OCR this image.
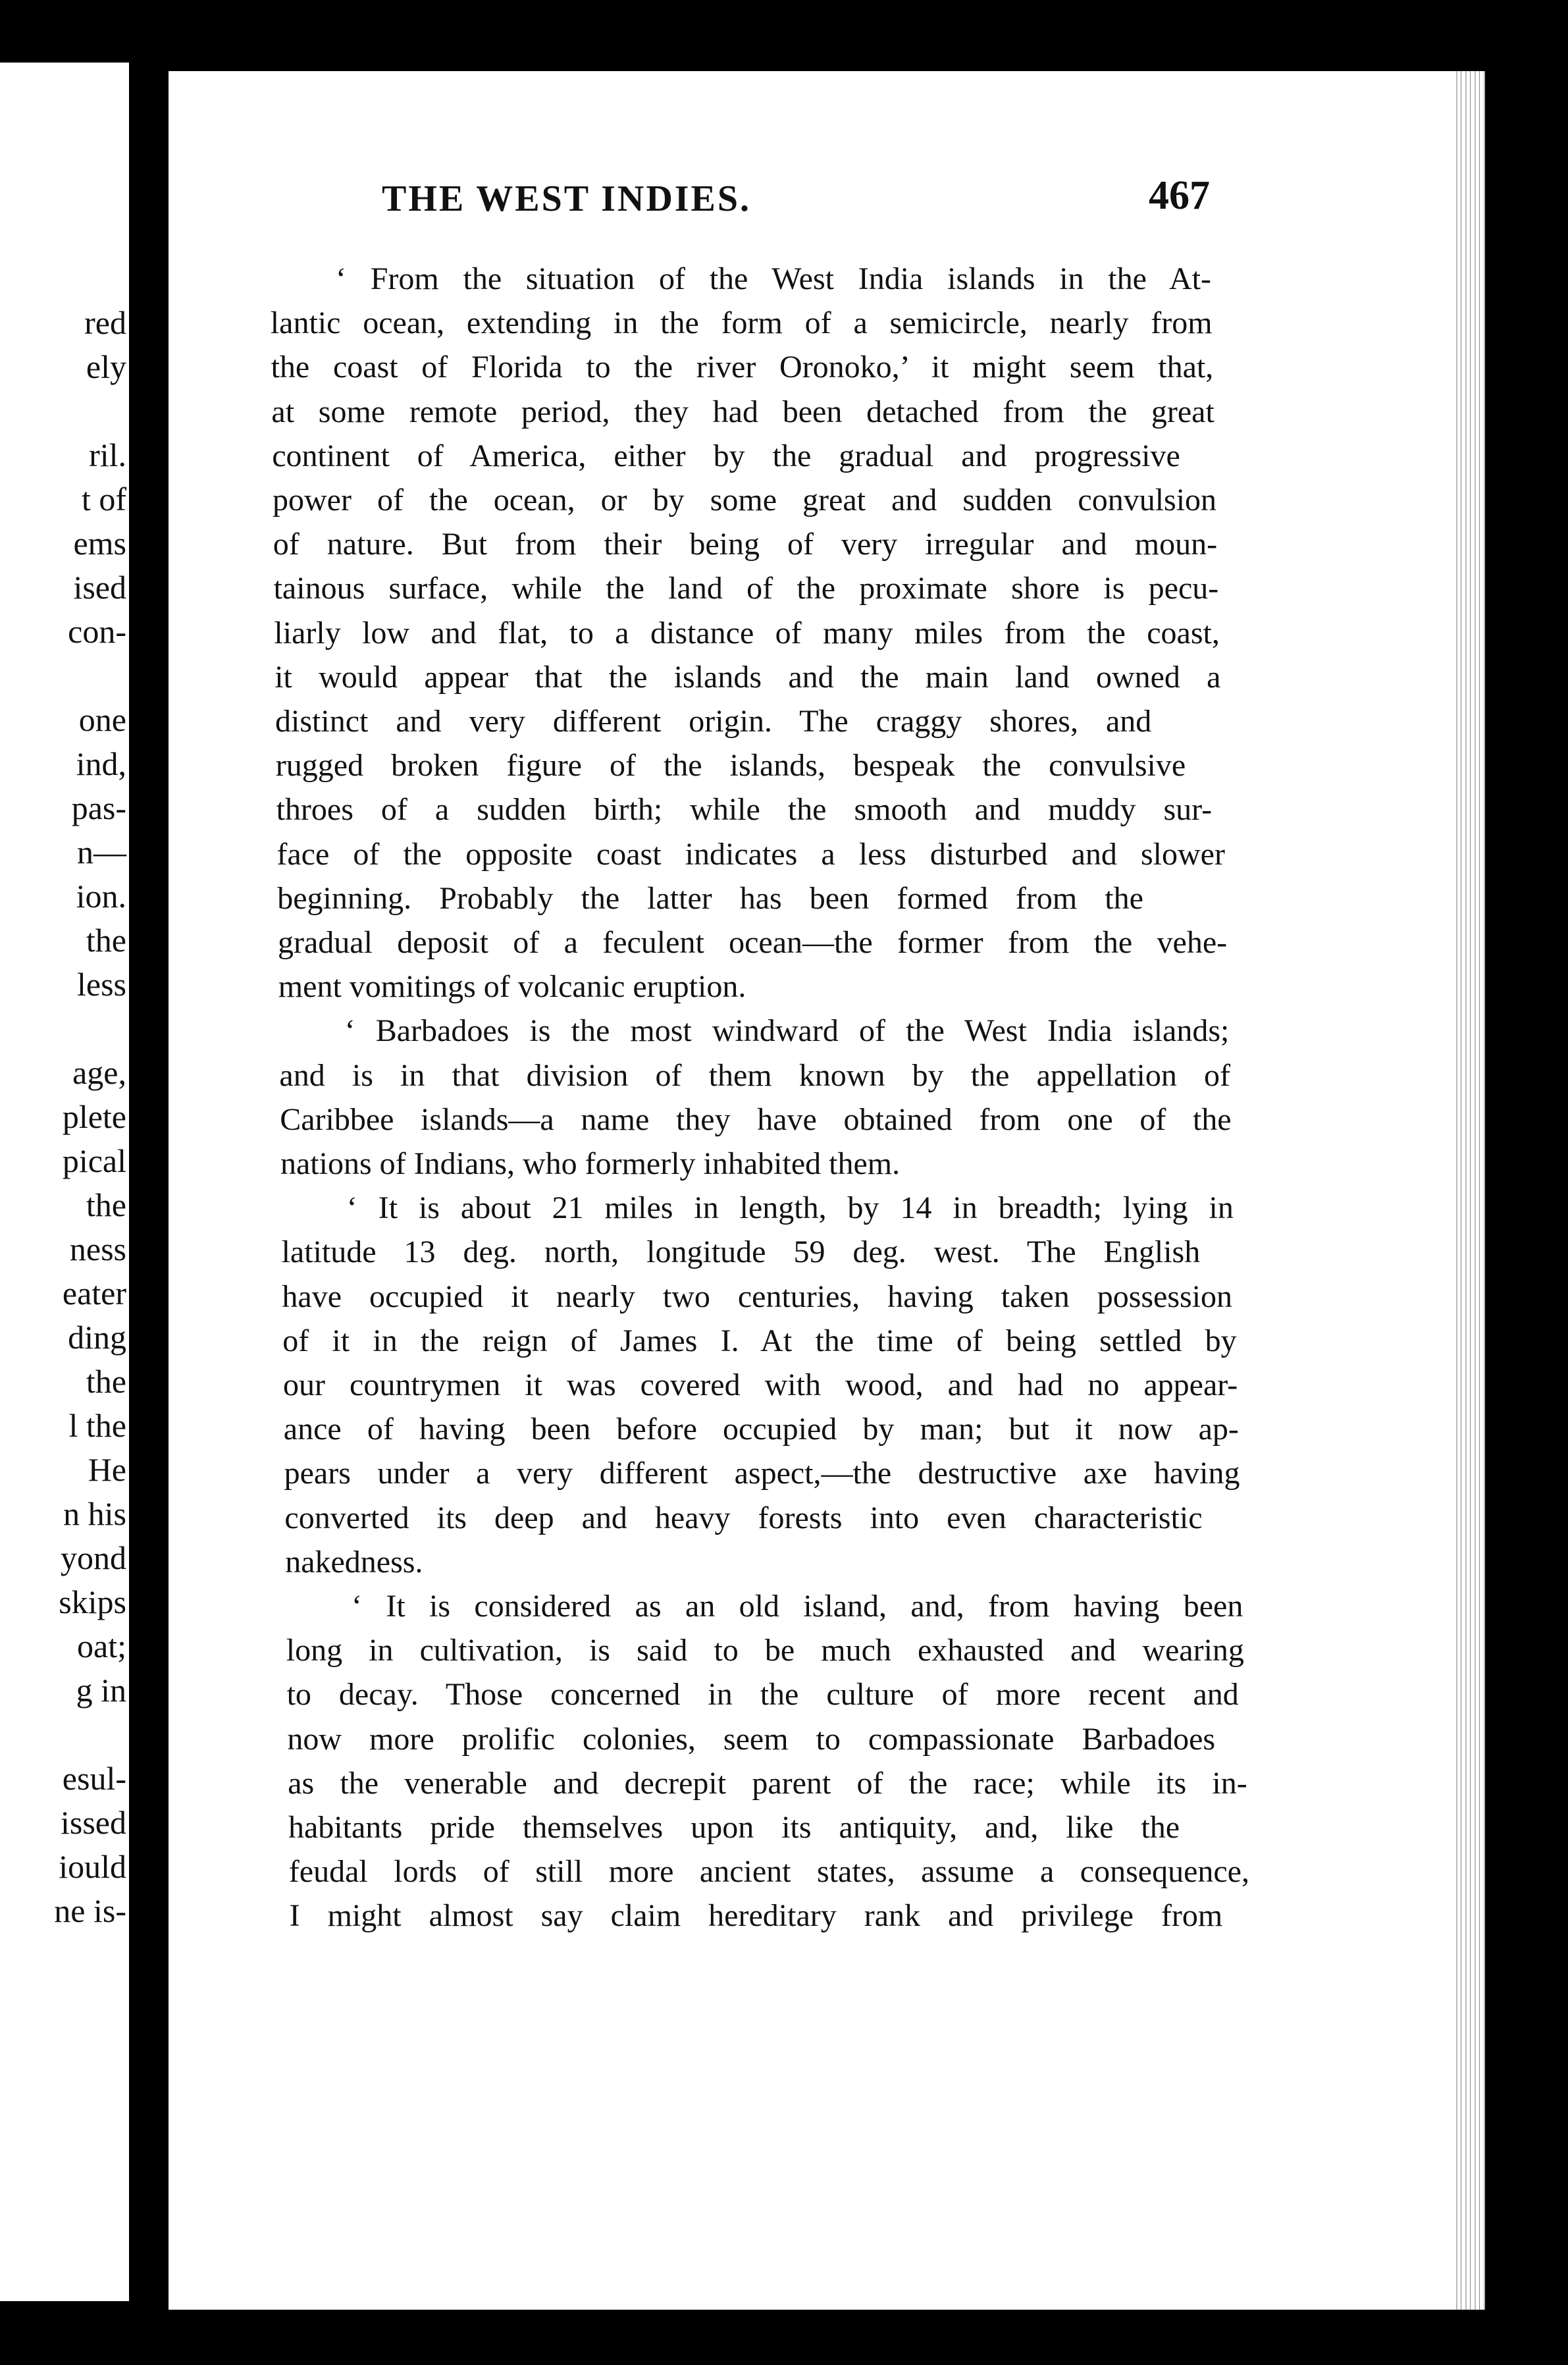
red
ely
ril.
t of
ems
ised
con-
one
ind,
pas-
n—
ion.
the
less
age,
plete
pical
the
ness
eater
ding
the
l the
He
n his
yond
skips
oat;
g in
esul-
issed
iould
ne is-
THE WEST INDIES.	467
‘ From the situation of the West India islands in the At-
lantic ocean, extending in the form of a semicircle, nearly from
the coast of Florida to the river Oronoko,’ it might seem that,
at some remote period, they had been detached from the great
continent of America, either by the gradual and progressive
power of the ocean, or by some great and sudden convulsion
of nature. But from their being of very irregular and moun-
tainous surface, while the land of the proximate shore is pecu-
liarly low and flat, to a distance of many miles from the coast,
it would appear that the islands and the main land owned a
distinct and very different origin. The craggy shores, and
rugged broken figure of the islands, bespeak the convulsive
throes of a sudden birth; while the smooth and muddy sur-
face of the opposite coast indicates a less disturbed and slower
beginning. Probably the latter has been formed from the
gradual deposit of a feculent ocean—the former from the vehe-
ment vomitings of volcanic eruption.
‘ Barbadoes is the most windward of the West India islands;
and is in that division of them known by the appellation of
Caribbee islands—a name they have obtained from one of the
nations of Indians, who formerly inhabited them.
‘ It is about 21 miles in length, by 14 in breadth; lying in
latitude 13 deg. north, longitude 59 deg. west. The English
have occupied it nearly two centuries, having taken possession
of it in the reign of James I. At the time of being settled by
our countrymen it was covered with wood, and had no appear-
ance of having been before occupied by man; but it now ap-
pears under a very different aspect,—the destructive axe having
converted its deep and heavy forests into even characteristic
nakedness.
‘ It is considered as an old island, and, from having been
long in cultivation, is said to be much exhausted and wearing
to decay. Those concerned in the culture of more recent and
now more prolific colonies, seem to compassionate Barbadoes
as the venerable and decrepit parent of the race; while its in-
habitants pride themselves upon its antiquity, and, like the
feudal lords of still more ancient states, assume a consequence,
I might almost say claim hereditary rank and privilege from
